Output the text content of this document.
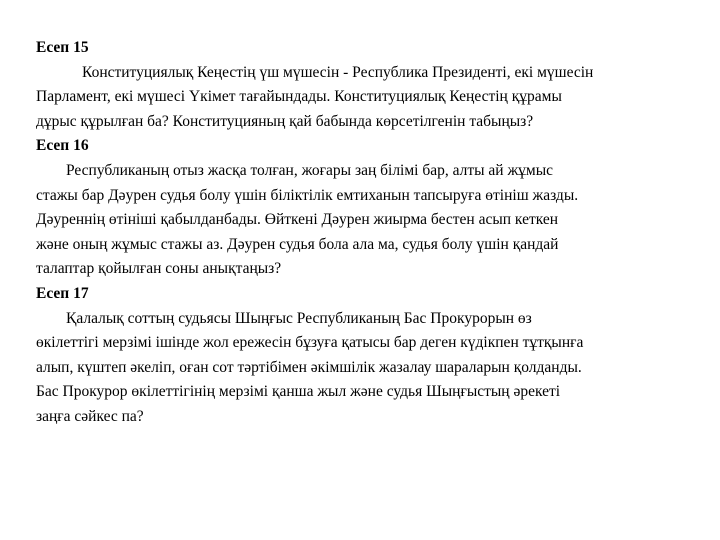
Есеп 15

Конституциялық Кеңестің үш мүшесін - Республика Президенті, екі мүшесін
Парламент, екі мүшесі Үкімет тағайындады. Конституциялық Кеңестің құрамы
дұрыс құрылған ба? Конституцияның қай бабында көрсетілгенін табыңыз?

Есеп 16

Республиканың отыз жасқа толған, жоғары заң білімі бар, алты ай жұмыс
стажы бар Дәурен судья болу үшін біліктілік емтиханын тапсыруға өтініш жазды.
Дәуреннің өтініші қабылданбады. Өйткені Дәурен жиырма бестен асып кеткен
және оның жұмыс стажы аз. Дәурен судья бола ала ма, судья болу үшін қандай
талаптар қойылған соны анықтаңыз?

Есеп 17

Қалалық соттың судьясы Шыңғыс Республиканың Бас Прокурорын өз
өкілеттігі мерзімі ішінде жол ережесін бұзуға қатысы бар деген күдікпен тұтқынға
алып, күштеп әкеліп, оған сот тәртібімен әкімшілік жазалау шараларын қолданды.
Бас Прокурор өкілеттігінің мерзімі қанша жыл және судья Шыңғыстың әрекеті
заңға сәйкес па?
